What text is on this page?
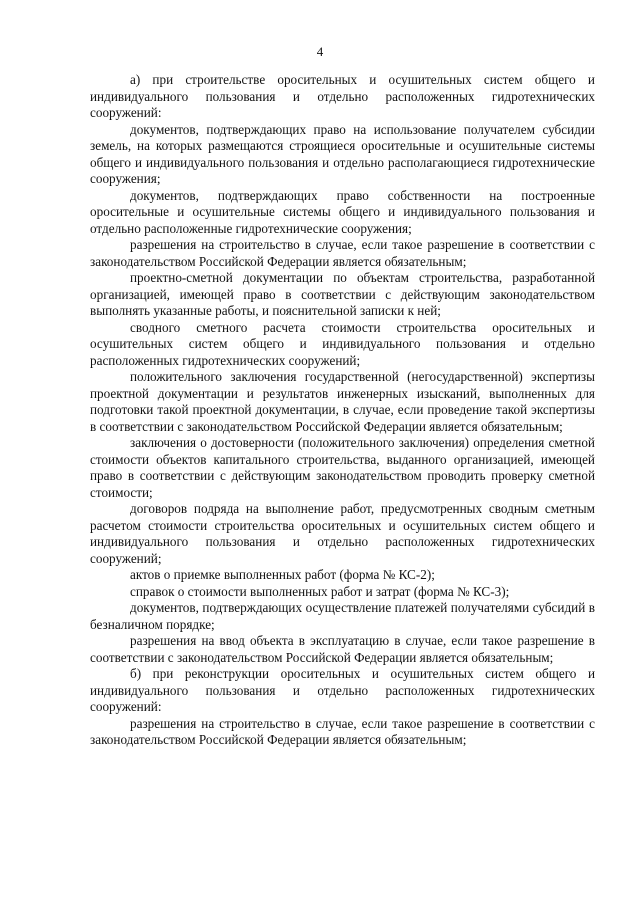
4

а) при строительстве оросительных и осушительных систем общего и индивидуального пользования и отдельно расположенных гидротехнических сооружений:

документов, подтверждающих право на использование получателем субсидии земель, на которых размещаются строящиеся оросительные и осушительные системы общего и индивидуального пользования и отдельно располагающиеся гидротехнические сооружения;

документов, подтверждающих право собственности на построенные оросительные и осушительные системы общего и индивидуального пользования и отдельно расположенные гидротехнические сооружения;

разрешения на строительство в случае, если такое разрешение в соответствии с законодательством Российской Федерации является обязательным;

проектно-сметной документации по объектам строительства, разработанной организацией, имеющей право в соответствии с действующим законодательством выполнять указанные работы, и пояснительной записки к ней;

сводного сметного расчета стоимости строительства оросительных и осушительных систем общего и индивидуального пользования и отдельно расположенных гидротехнических сооружений;

положительного заключения государственной (негосударственной) экспертизы проектной документации и результатов инженерных изысканий, выполненных для подготовки такой проектной документации, в случае, если проведение такой экспертизы в соответствии с законодательством Российской Федерации является обязательным;

заключения о достоверности (положительного заключения) определения сметной стоимости объектов капитального строительства, выданного организацией, имеющей право в соответствии с действующим законодательством проводить проверку сметной стоимости;

договоров подряда на выполнение работ, предусмотренных сводным сметным расчетом стоимости строительства оросительных и осушительных систем общего и индивидуального пользования и отдельно расположенных гидротехнических сооружений;

актов о приемке выполненных работ (форма № КС-2);

справок о стоимости выполненных работ и затрат (форма № КС-3);

документов, подтверждающих осуществление платежей получателями субсидий в безналичном порядке;

разрешения на ввод объекта в эксплуатацию в случае, если такое разрешение в соответствии с законодательством Российской Федерации является обязательным;

б) при реконструкции оросительных и осушительных систем общего и индивидуального пользования и отдельно расположенных гидротехнических сооружений:

разрешения на строительство в случае, если такое разрешение в соответствии с законодательством Российской Федерации является обязательным;
